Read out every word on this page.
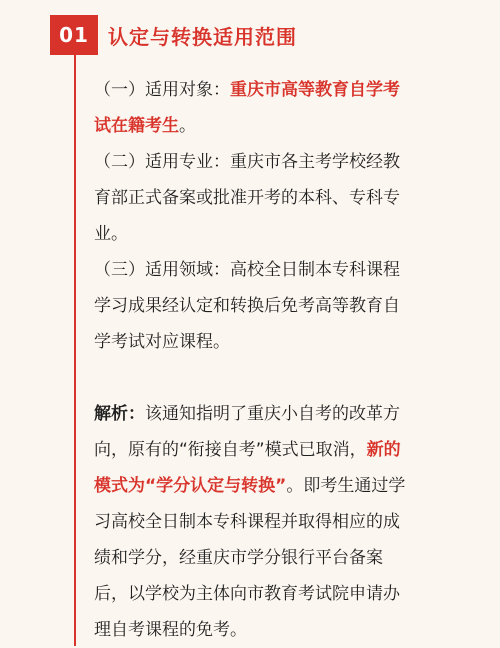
01 认定与转换适用范围

（一）适用对象：重庆市高等教育自学考试在籍考生。

（二）适用专业：重庆市各主考学校经教育部正式备案或批准开考的本科、专科专业。

（三）适用领域：高校全日制本专科课程学习成果经认定和转换后免考高等教育自学考试对应课程。

解析：该通知指明了重庆小自考的改革方向，原有的“衔接自考”模式已取消，新的模式为“学分认定与转换”。即考生通过学习高校全日制本专科课程并取得相应的成绩和学分，经重庆市学分银行平台备案后，以学校为主体向市教育考试院申请办理自考课程的免考。
